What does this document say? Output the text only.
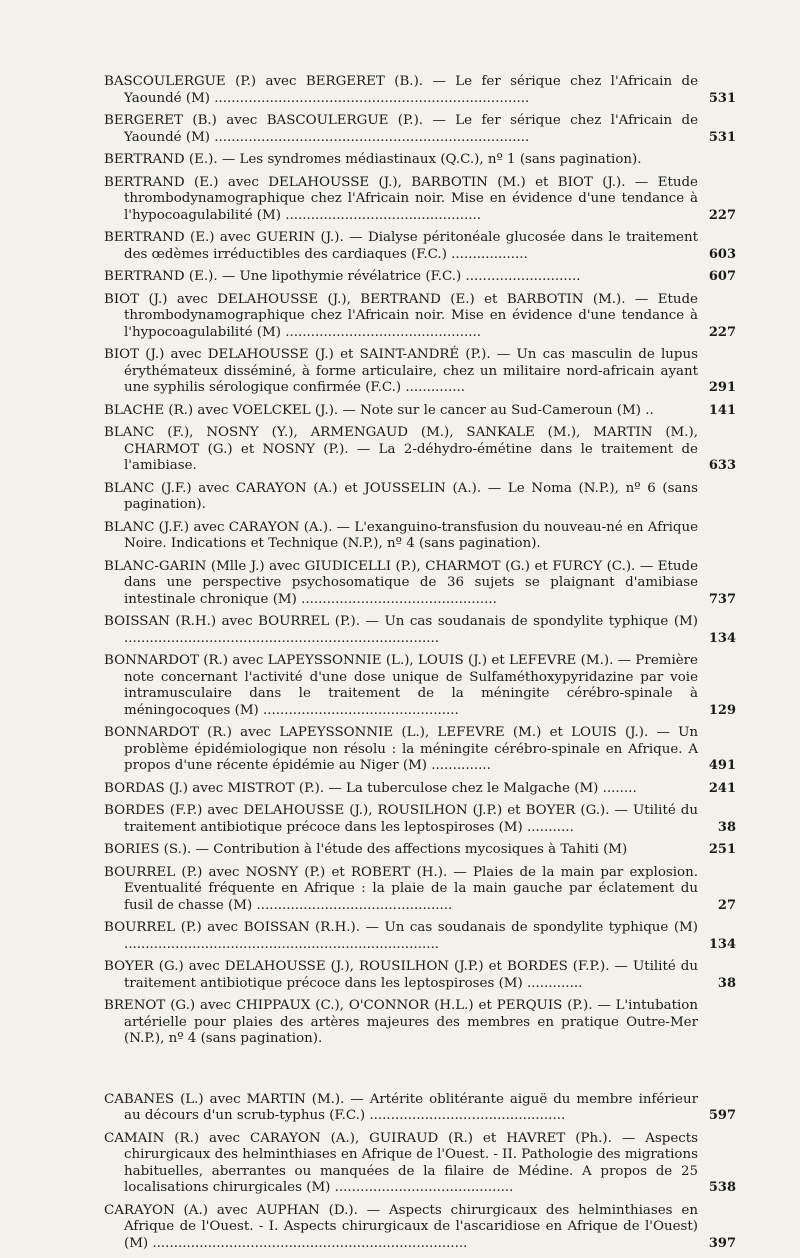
BASCOULERGUE (P.) avec BERGERET (B.). — Le fer sérique chez l'Africain de Yaoundé (M) ..........................................................................	531
BERGERET (B.) avec BASCOULERGUE (P.). — Le fer sérique chez l'Africain de Yaoundé (M) ..........................................................................	531
BERTRAND (E.). — Les syndromes médiastinaux (Q.C.), nº 1 (sans pagination).
BERTRAND (E.) avec DELAHOUSSE (J.), BARBOTIN (M.) et BIOT (J.). — Etude thrombodynamographique chez l'Africain noir. Mise en évidence d'une tendance à l'hypocoagulabilité (M) ..............................................	227
BERTRAND (E.) avec GUERIN (J.). — Dialyse péritonéale glucosée dans le traitement des œdèmes irréductibles des cardiaques (F.C.) ..................	603
BERTRAND (E.). — Une lipothymie révélatrice (F.C.) ...........................	607
BIOT (J.) avec DELAHOUSSE (J.), BERTRAND (E.) et BARBOTIN (M.). — Etude thrombodynamographique chez l'Africain noir. Mise en évidence d'une tendance à l'hypocoagulabilité (M) ..............................................	227
BIOT (J.) avec DELAHOUSSE (J.) et SAINT-ANDRÉ (P.). — Un cas masculin de lupus érythémateux disséminé, à forme articulaire, chez un militaire nord-africain ayant une syphilis sérologique confirmée (F.C.) ..............	291
BLACHE (R.) avec VOELCKEL (J.). — Note sur le cancer au Sud-Cameroun (M) ..	141
BLANC (F.), NOSNY (Y.), ARMENGAUD (M.), SANKALE (M.), MARTIN (M.), CHARMOT (G.) et NOSNY (P.). — La 2-déhydro-émétine dans le traitement de l'amibiase.	633
BLANC (J.F.) avec CARAYON (A.) et JOUSSELIN (A.). — Le Noma (N.P.), nº 6 (sans pagination).
BLANC (J.F.) avec CARAYON (A.). — L'exanguino-transfusion du nouveau-né en Afrique Noire. Indications et Technique (N.P.), nº 4 (sans pagination).
BLANC-GARIN (Mlle J.) avec GIUDICELLI (P.), CHARMOT (G.) et FURCY (C.). — Etude dans une perspective psychosomatique de 36 sujets se plaignant d'amibiase intestinale chronique (M) ..............................................	737
BOISSAN (R.H.) avec BOURREL (P.). — Un cas soudanais de spondylite typhique (M) ..........................................................................	134
BONNARDOT (R.) avec LAPEYSSONNIE (L.), LOUIS (J.) et LEFEVRE (M.). — Première note concernant l'activité d'une dose unique de Sulfaméthoxypyridazine par voie intramusculaire dans le traitement de la méningite cérébro-spinale à méningocoques (M) ..............................................	129
BONNARDOT (R.) avec LAPEYSSONNIE (L.), LEFEVRE (M.) et LOUIS (J.). — Un problème épidémiologique non résolu : la méningite cérébro-spinale en Afrique. A propos d'une récente épidémie au Niger (M) ..............	491
BORDAS (J.) avec MISTROT (P.). — La tuberculose chez le Malgache (M) ........	241
BORDES (F.P.) avec DELAHOUSSE (J.), ROUSILHON (J.P.) et BOYER (G.). — Utilité du traitement antibiotique précoce dans les leptospiroses (M) ...........	38
BORIES (S.). — Contribution à l'étude des affections mycosiques à Tahiti (M)	251
BOURREL (P.) avec NOSNY (P.) et ROBERT (H.). — Plaies de la main par explosion. Eventualité fréquente en Afrique : la plaie de la main gauche par éclatement du fusil de chasse (M) ..............................................	27
BOURREL (P.) avec BOISSAN (R.H.). — Un cas soudanais de spondylite typhique (M) ..........................................................................	134
BOYER (G.) avec DELAHOUSSE (J.), ROUSILHON (J.P.) et BORDES (F.P.). — Utilité du traitement antibiotique précoce dans les leptospiroses (M) .............	38
BRENOT (G.) avec CHIPPAUX (C.), O'CONNOR (H.L.) et PERQUIS (P.). — L'intubation artérielle pour plaies des artères majeures des membres en pratique Outre-Mer (N.P.), nº 4 (sans pagination).
CABANES (L.) avec MARTIN (M.). — Artérite oblitérante aiguë du membre inférieur au décours d'un scrub-typhus (F.C.) ..............................................	597
CAMAIN (R.) avec CARAYON (A.), GUIRAUD (R.) et HAVRET (Ph.). — Aspects chirurgicaux des helminthiases en Afrique de l'Ouest. - II. Pathologie des migrations habituelles, aberrantes ou manquées de la filaire de Médine. A propos de 25 localisations chirurgicales (M) ..........................................	538
CARAYON (A.) avec AUPHAN (D.). — Aspects chirurgicaux des helminthiases en Afrique de l'Ouest. - I. Aspects chirurgicaux de l'ascaridiose en Afrique de l'Ouest) (M) ..........................................................................	397
